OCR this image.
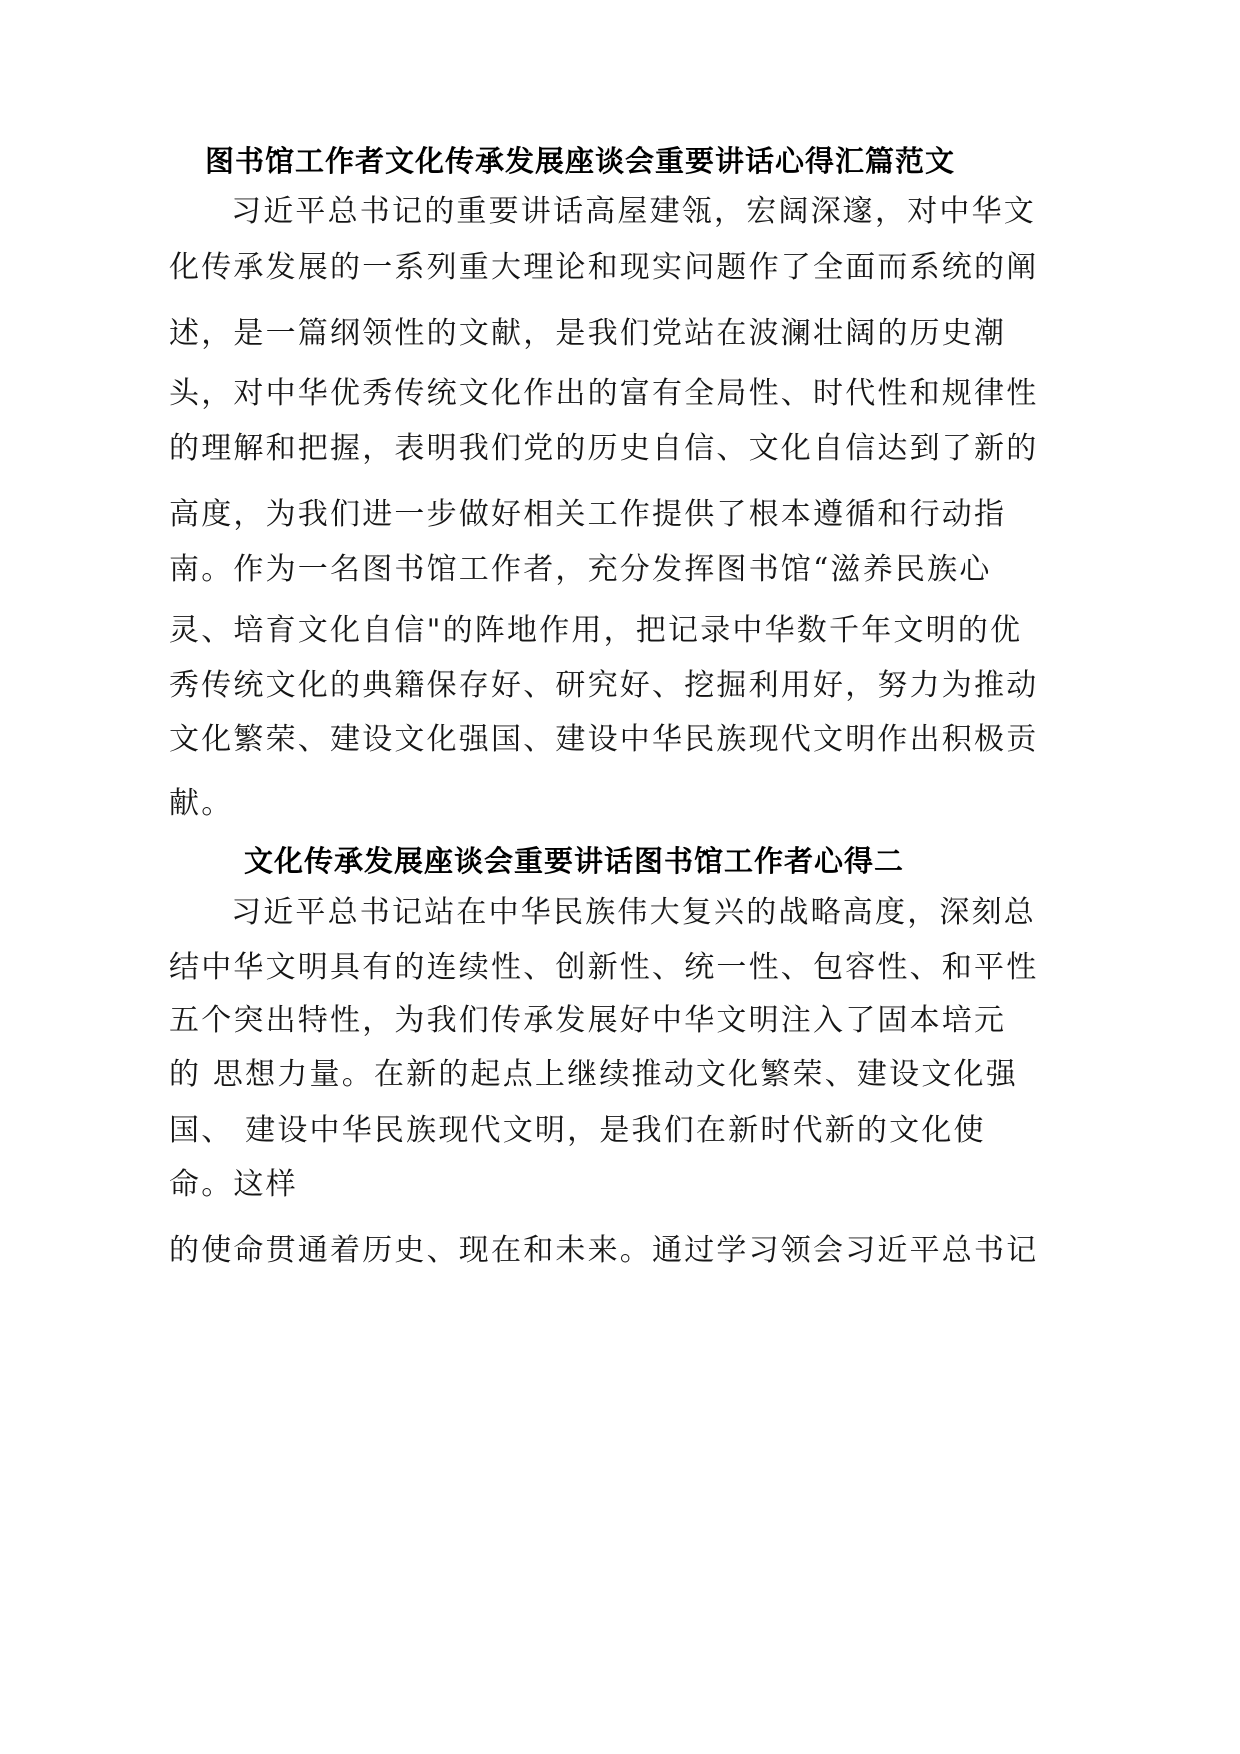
图书馆工作者文化传承发展座谈会重要讲话心得汇篇范文
习近平总书记的重要讲话高屋建瓴，宏阔深邃，对中华文
化传承发展的一系列重大理论和现实问题作了全面而系统的阐
述，是一篇纲领性的文献，是我们党站在波澜壮阔的历史潮
头，对中华优秀传统文化作出的富有全局性、时代性和规律性
的理解和把握，表明我们党的历史自信、文化自信达到了新的
高度，为我们进一步做好相关工作提供了根本遵循和行动指
南。作为一名图书馆工作者，充分发挥图书馆“滋养民族心
灵、培育文化自信"的阵地作用，把记录中华数千年文明的优
秀传统文化的典籍保存好、研究好、挖掘利用好，努力为推动
文化繁荣、建设文化强国、建设中华民族现代文明作出积极贡
献。
文化传承发展座谈会重要讲话图书馆工作者心得二
习近平总书记站在中华民族伟大复兴的战略高度，深刻总
结中华文明具有的连续性、创新性、统一性、包容性、和平性
五个突出特性，为我们传承发展好中华文明注入了固本培元
的 思想力量。在新的起点上继续推动文化繁荣、建设文化强
国、 建设中华民族现代文明，是我们在新时代新的文化使
命。这样
的使命贯通着历史、现在和未来。通过学习领会习近平总书记
